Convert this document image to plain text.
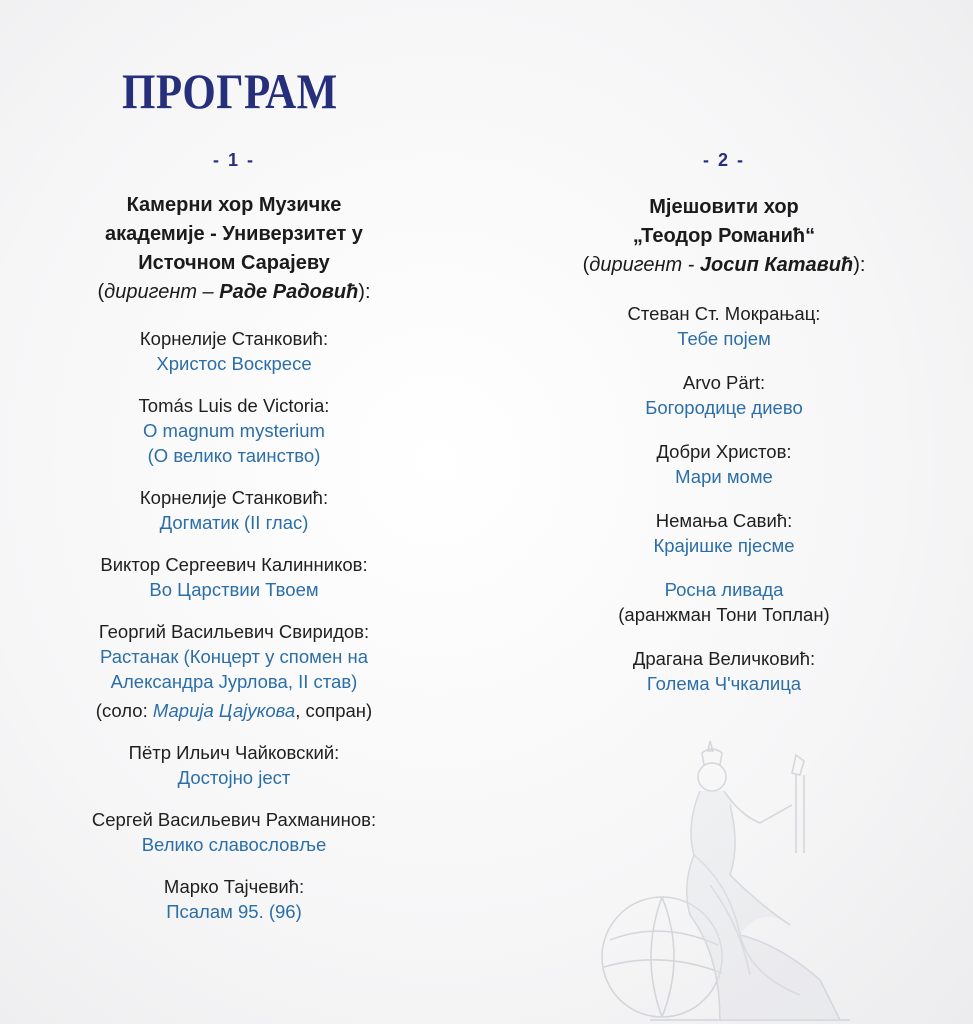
ПРОГРАМ
- 1 -
Камерни хор Музичке
академије - Универзитет у
Источном Сарајеву
(диригент – Раде Радовић):
Корнелије Станковић:
Христос Воскресе
Tomás Luis de Victoria:
O magnum mysterium
(О велико таинство)
Корнелије Станковић:
Догматик (II глас)
Виктор Сергеевич Калинников:
Во Царствии Твоем
Георгий Васильевич Свиридов:
Растанак (Концерт у спомен на
Александра Јурлова, II став)
(соло: Марија Цајукова, сопран)
Пётр Ильич Чайковский:
Достојно јест
Сергей Васильевич Рахманинов:
Велико славословље
Марко Тајчевић:
Псалам 95. (96)
- 2 -
Мјешовити хор
„Теодор Романић“
(диригент - Јосип Катавић):
Стеван Ст. Мокрањац:
Тебе појем
Arvo Pärt:
Богородице диево
Добри Христов:
Мари моме
Немања Савић:
Крајишке пјесме
Росна ливада
(аранжман Тони Топлан)
Драгана Величковић:
Голема Ч'чкалица
